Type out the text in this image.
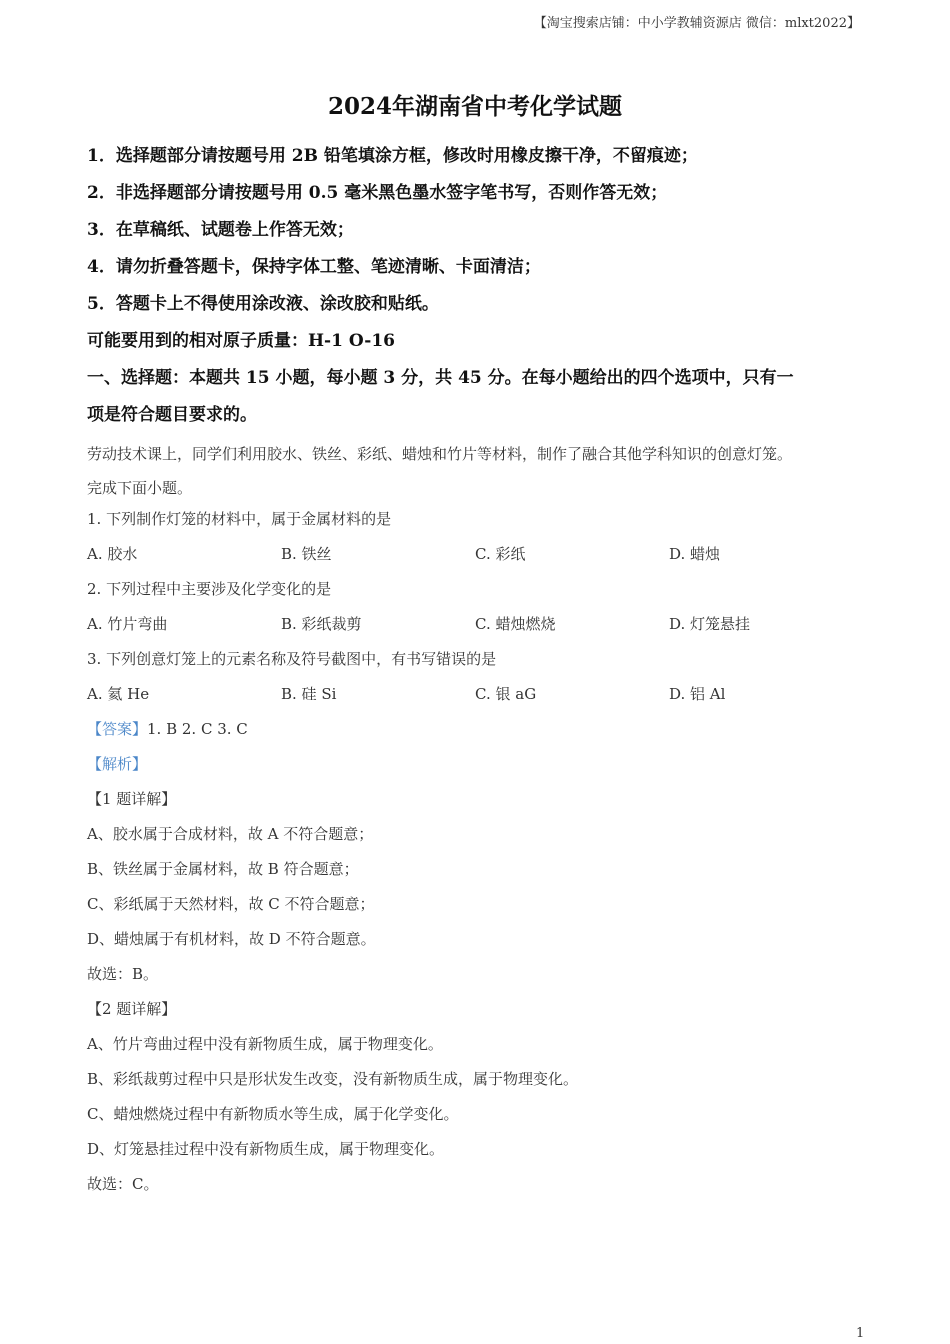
【淘宝搜索店铺：中小学教辅资源店 微信：mlxt2022】
2024年湖南省中考化学试题
1．选择题部分请按题号用 2B 铅笔填涂方框，修改时用橡皮擦干净，不留痕迹；
2．非选择题部分请按题号用 0.5 毫米黑色墨水签字笔书写，否则作答无效；
3．在草稿纸、试题卷上作答无效；
4．请勿折叠答题卡，保持字体工整、笔迹清晰、卡面清洁；
5．答题卡上不得使用涂改液、涂改胶和贴纸。
可能要用到的相对原子质量：H-1 O-16
一、选择题：本题共 15 小题，每小题 3 分，共 45 分。在每小题给出的四个选项中，只有一
项是符合题目要求的。
劳动技术课上，同学们利用胶水、铁丝、彩纸、蜡烛和竹片等材料，制作了融合其他学科知识的创意灯笼。
完成下面小题。
1. 下列制作灯笼的材料中，属于金属材料的是
A. 胶水	B. 铁丝	C. 彩纸	D. 蜡烛
2. 下列过程中主要涉及化学变化的是
A. 竹片弯曲	B. 彩纸裁剪	C. 蜡烛燃烧	D. 灯笼悬挂
3. 下列创意灯笼上的元素名称及符号截图中，有书写错误的是
A. 氦 He	B. 硅 Si	C. 银 aG	D. 铝 Al
【答案】1. B 2. C 3. C
【解析】
【1 题详解】
A、胶水属于合成材料，故 A 不符合题意；
B、铁丝属于金属材料，故 B 符合题意；
C、彩纸属于天然材料，故 C 不符合题意；
D、蜡烛属于有机材料，故 D 不符合题意。
故选：B。
【2 题详解】
A、竹片弯曲过程中没有新物质生成，属于物理变化。
B、彩纸裁剪过程中只是形状发生改变，没有新物质生成，属于物理变化。
C、蜡烛燃烧过程中有新物质水等生成，属于化学变化。
D、灯笼悬挂过程中没有新物质生成，属于物理变化。
故选：C。
1
